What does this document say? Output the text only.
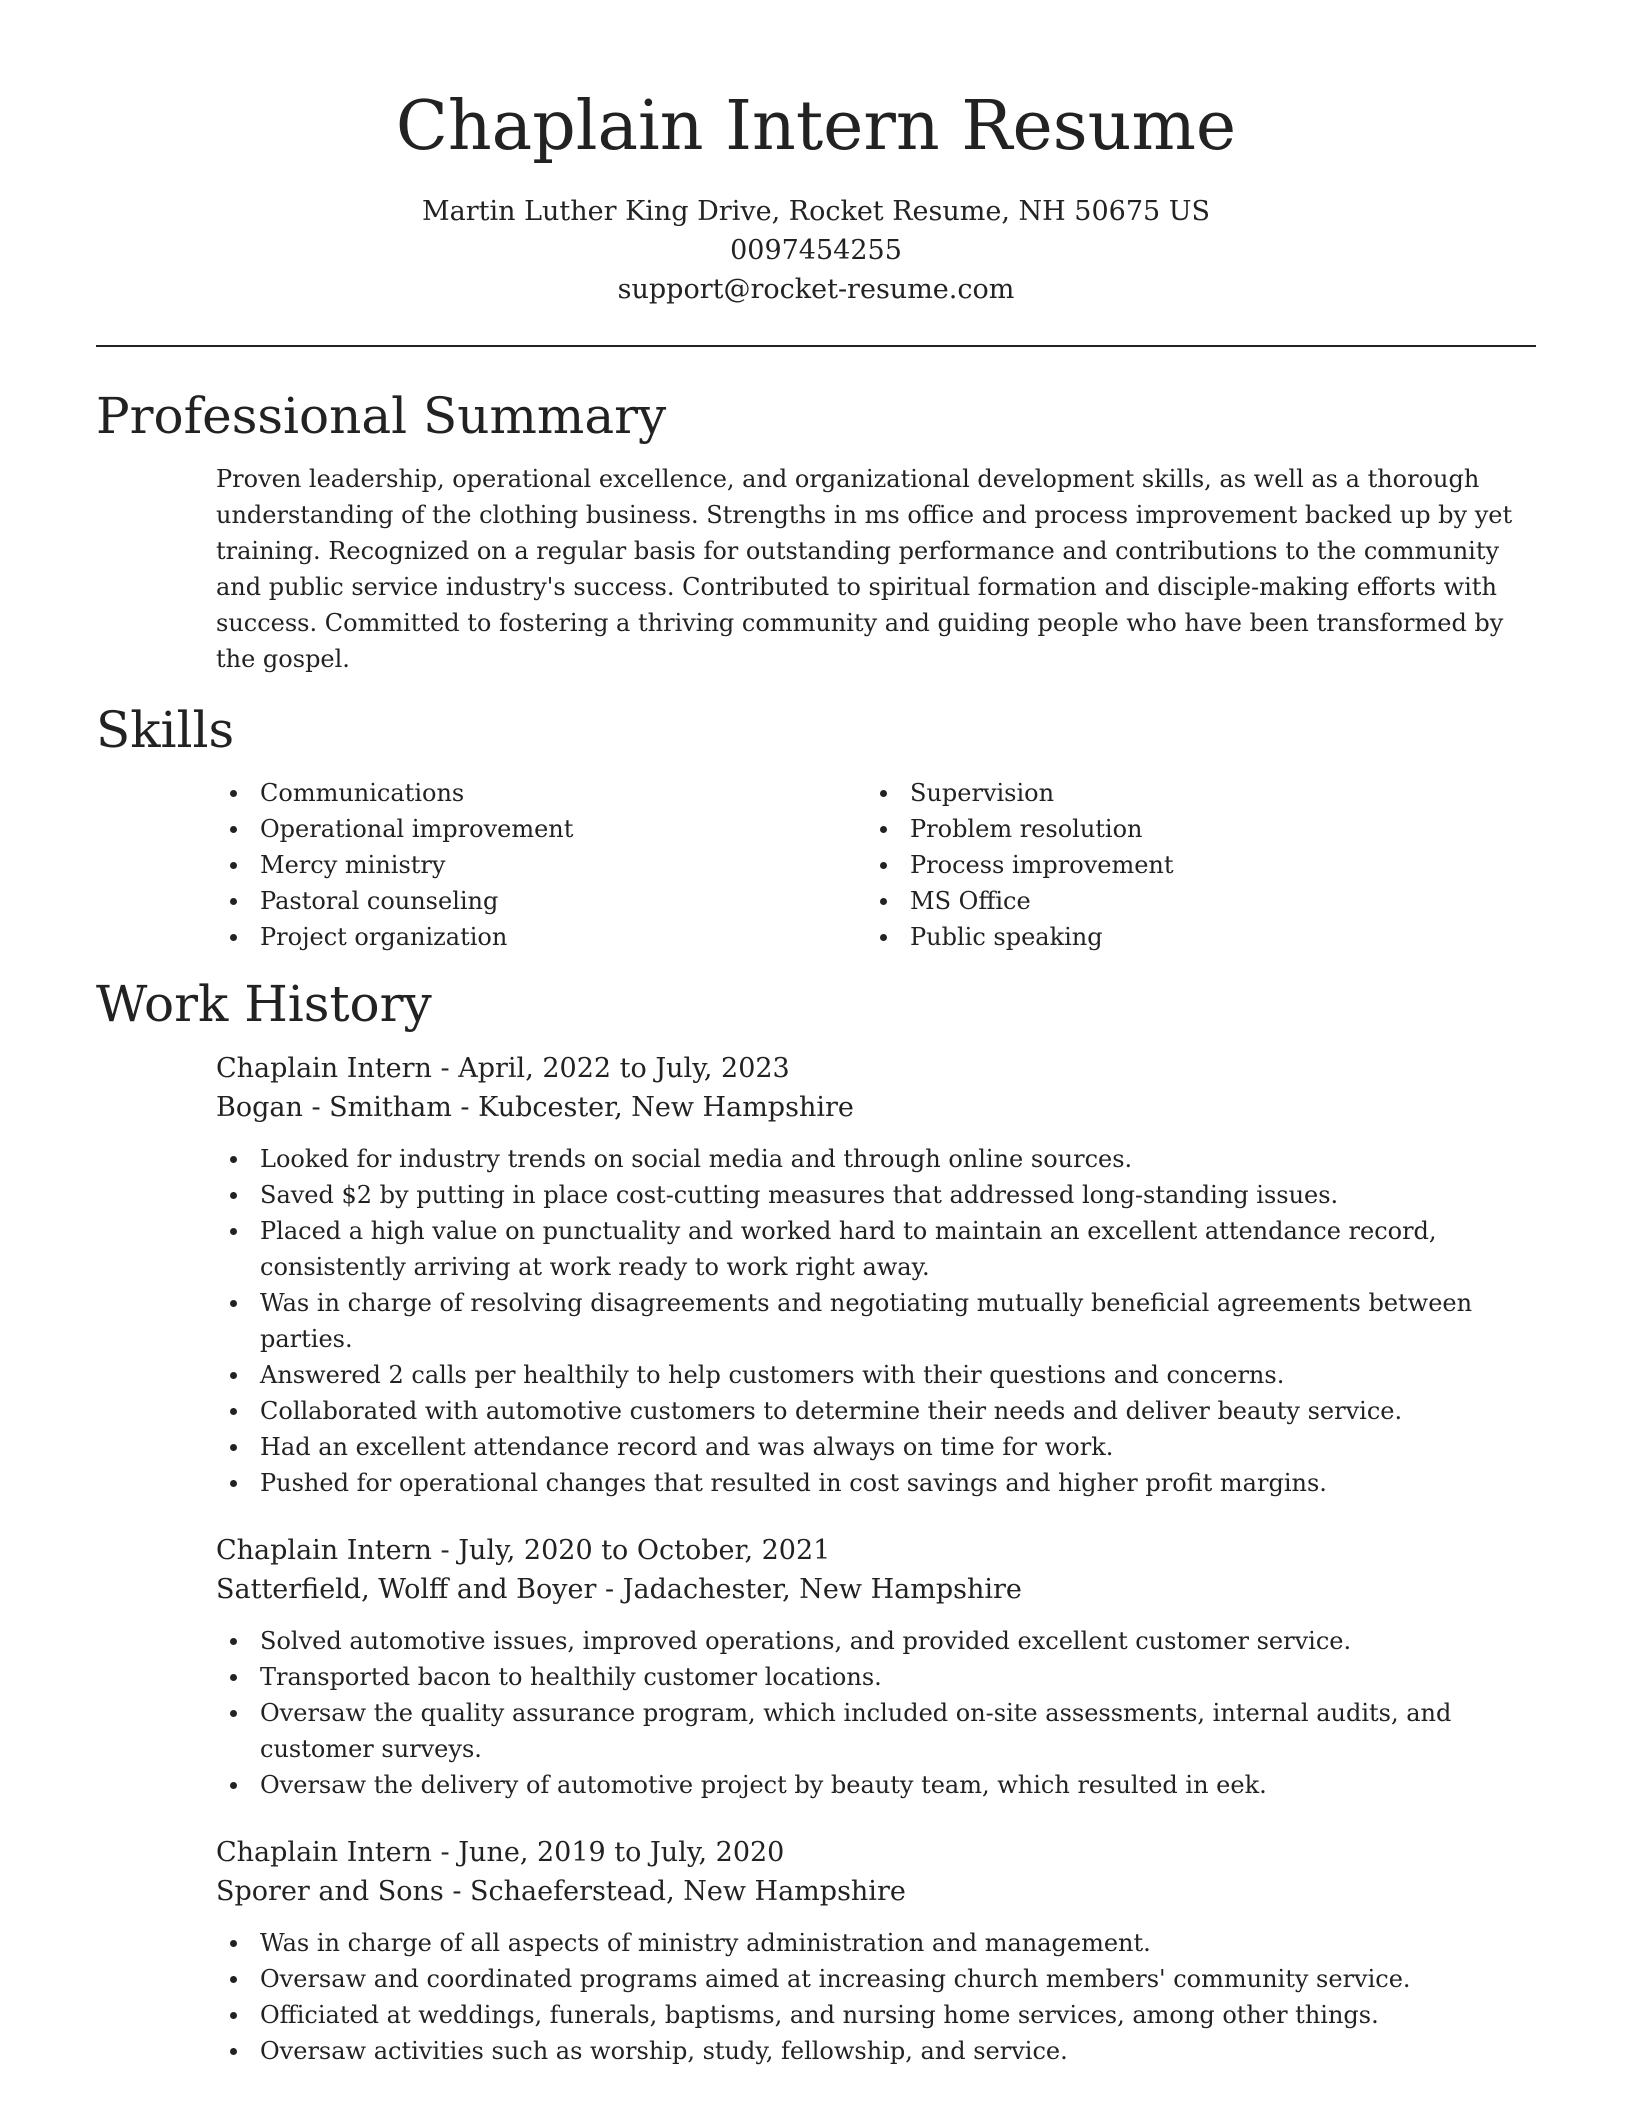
Chaplain Intern Resume
Martin Luther King Drive, Rocket Resume, NH 50675 US
0097454255
support@rocket-resume.com
Professional Summary

Proven leadership, operational excellence, and organizational development skills, as well as a thorough understanding of the clothing business. Strengths in ms office and process improvement backed up by yet training. Recognized on a regular basis for outstanding performance and contributions to the community and public service industry's success. Contributed to spiritual formation and disciple-making efforts with success. Committed to fostering a thriving community and guiding people who have been transformed by the gospel.

Skills
Communications
Operational improvement
Mercy ministry
Pastoral counseling
Project organization
Supervision
Problem resolution
Process improvement
MS Office
Public speaking
Work History
Chaplain Intern - April, 2022 to July, 2023
Bogan - Smitham - Kubcester, New Hampshire
Looked for industry trends on social media and through online sources.
Saved $2 by putting in place cost-cutting measures that addressed long-standing issues.
Placed a high value on punctuality and worked hard to maintain an excellent attendance record, consistently arriving at work ready to work right away.
Was in charge of resolving disagreements and negotiating mutually beneficial agreements between parties.
Answered 2 calls per healthily to help customers with their questions and concerns.
Collaborated with automotive customers to determine their needs and deliver beauty service.
Had an excellent attendance record and was always on time for work.
Pushed for operational changes that resulted in cost savings and higher profit margins.
Chaplain Intern - July, 2020 to October, 2021
Satterfield, Wolff and Boyer - Jadachester, New Hampshire
Solved automotive issues, improved operations, and provided excellent customer service.
Transported bacon to healthily customer locations.
Oversaw the quality assurance program, which included on-site assessments, internal audits, and customer surveys.
Oversaw the delivery of automotive project by beauty team, which resulted in eek.
Chaplain Intern - June, 2019 to July, 2020
Sporer and Sons - Schaeferstead, New Hampshire
Was in charge of all aspects of ministry administration and management.
Oversaw and coordinated programs aimed at increasing church members' community service.
Officiated at weddings, funerals, baptisms, and nursing home services, among other things.
Oversaw activities such as worship, study, fellowship, and service.
